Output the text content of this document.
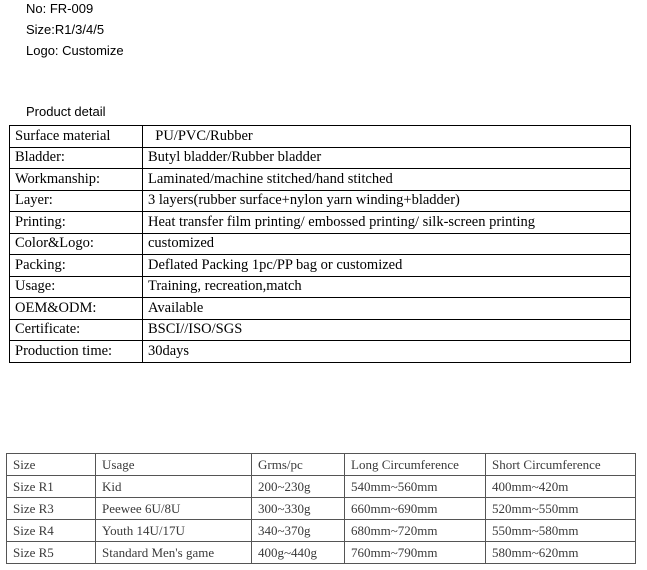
No: FR-009
Size:R1/3/4/5
Logo: Customize
Product detail
Surface material	PU/PVC/Rubber
Bladder:	Butyl bladder/Rubber bladder
Workmanship:	Laminated/machine stitched/hand stitched
Layer:	3 layers(rubber surface+nylon yarn winding+bladder)
Printing:	Heat transfer film printing/ embossed printing/ silk-screen printing
Color&Logo:	customized
Packing:	Deflated Packing 1pc/PP bag or customized
Usage:	Training, recreation,match
OEM&ODM:	Available
Certificate:	BSCI//ISO/SGS
Production time:	30days
Size	Usage	Grms/pc	Long Circumference	Short Circumference
Size R1	Kid	200~230g	540mm~560mm	400mm~420m
Size R3	Peewee 6U/8U	300~330g	660mm~690mm	520mm~550mm
Size R4	Youth 14U/17U	340~370g	680mm~720mm	550mm~580mm
Size R5	Standard Men's game	400g~440g	760mm~790mm	580mm~620mm
